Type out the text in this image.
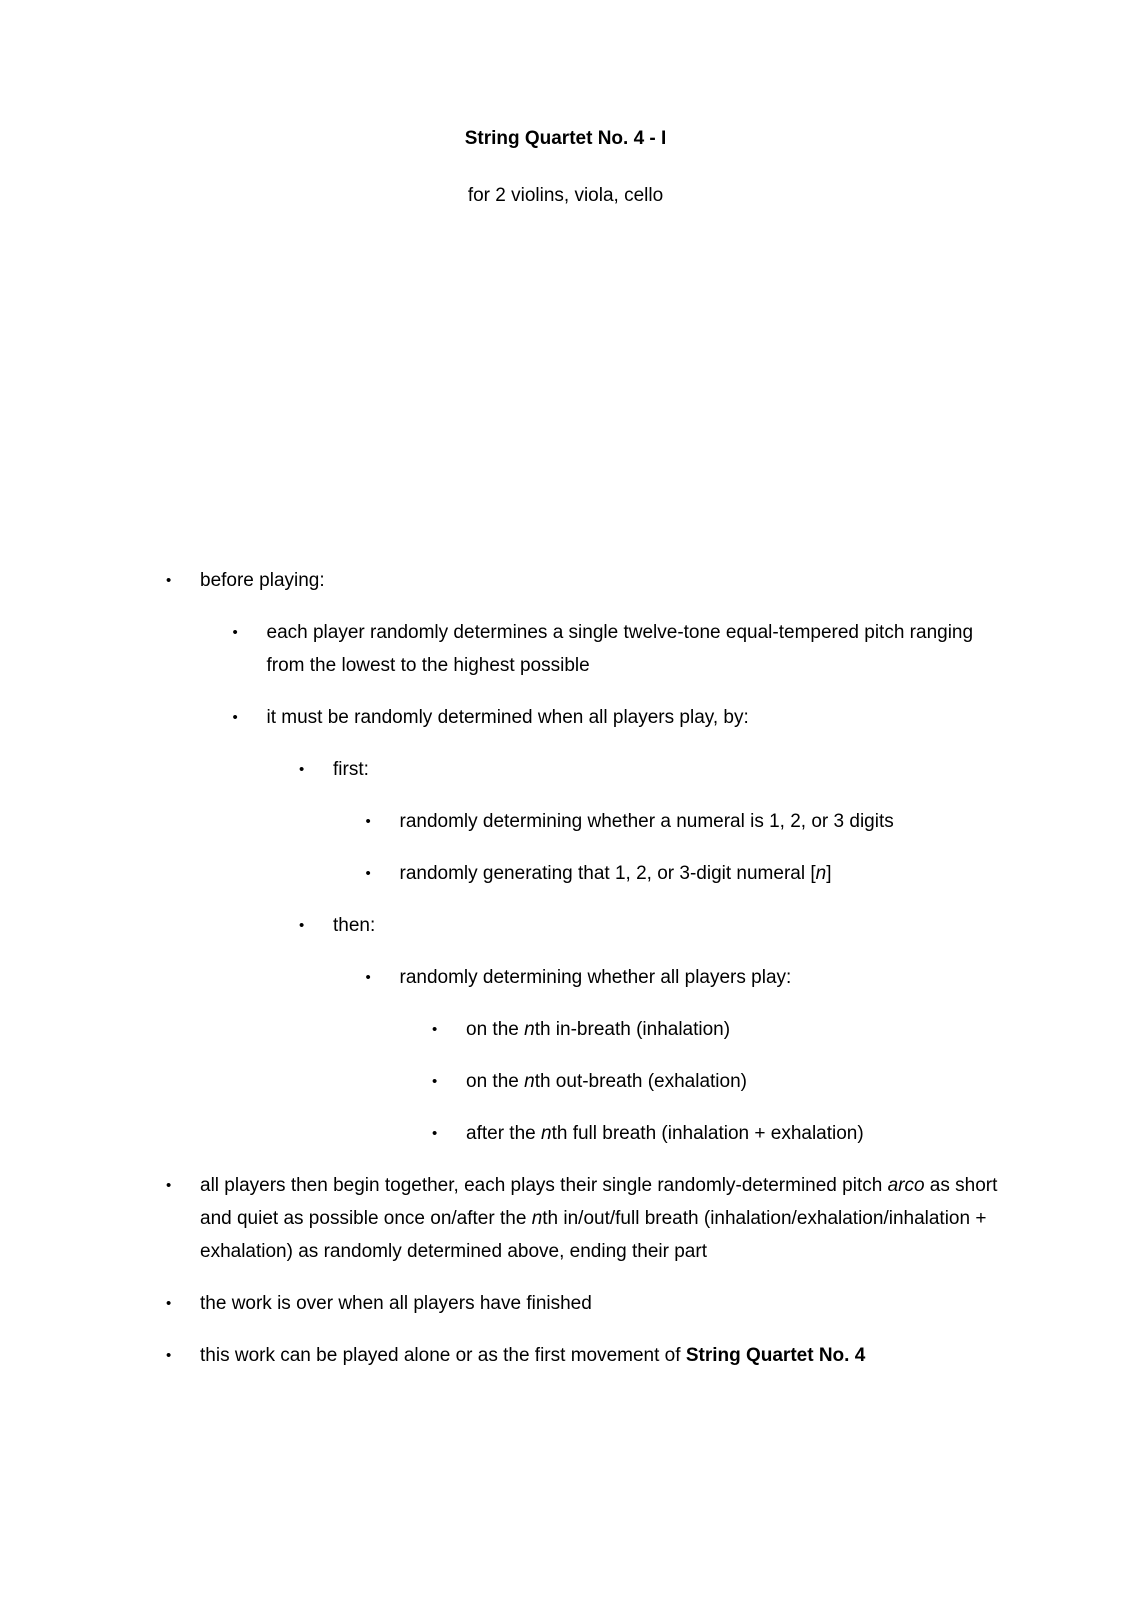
String Quartet No. 4 - I
for 2 violins, viola, cello
• before playing:
• each player randomly determines a single twelve-tone equal-tempered pitch ranging from the lowest to the highest possible
• it must be randomly determined when all players play, by:
• first:
• randomly determining whether a numeral is 1, 2, or 3 digits
• randomly generating that 1, 2, or 3-digit numeral [n]
• then:
• randomly determining whether all players play:
• on the nth in-breath (inhalation)
• on the nth out-breath (exhalation)
• after the nth full breath (inhalation + exhalation)
• all players then begin together, each plays their single randomly-determined pitch arco as short and quiet as possible once on/after the nth in/out/full breath (inhalation/exhalation/inhalation + exhalation) as randomly determined above, ending their part
• the work is over when all players have finished
• this work can be played alone or as the first movement of String Quartet No. 4
